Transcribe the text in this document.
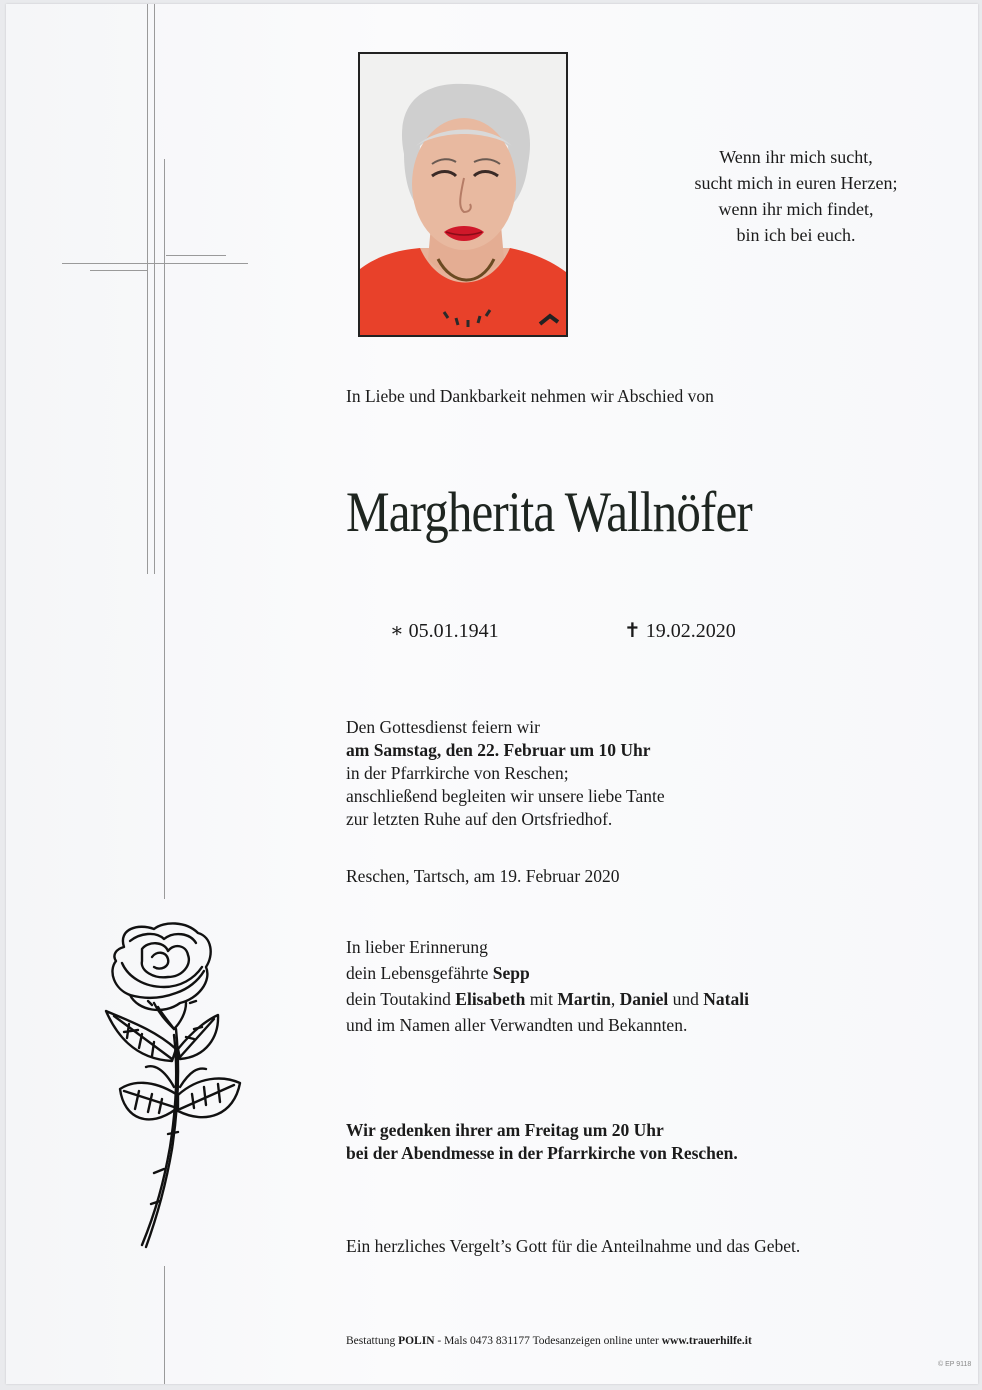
Wenn ihr mich sucht,
sucht mich in euren Herzen;
wenn ihr mich findet,
bin ich bei euch.
In Liebe und Dankbarkeit nehmen wir Abschied von
Margherita Wallnöfer
∗ 05.01.1941	✝ 19.02.2020
Den Gottesdienst feiern wir
am Samstag, den 22. Februar um 10 Uhr
in der Pfarrkirche von Reschen;
anschließend begleiten wir unsere liebe Tante
zur letzten Ruhe auf den Ortsfriedhof.
Reschen, Tartsch, am 19. Februar 2020
In lieber Erinnerung
dein Lebensgefährte Sepp
dein Toutakind Elisabeth mit Martin, Daniel und Natali
und im Namen aller Verwandten und Bekannten.
Wir gedenken ihrer am Freitag um 20 Uhr
bei der Abendmesse in der Pfarrkirche von Reschen.
Ein herzliches Vergelt’s Gott für die Anteilnahme und das Gebet.
Bestattung POLIN - Mals 0473 831177 Todesanzeigen online unter www.trauerhilfe.it
© EP 9118
